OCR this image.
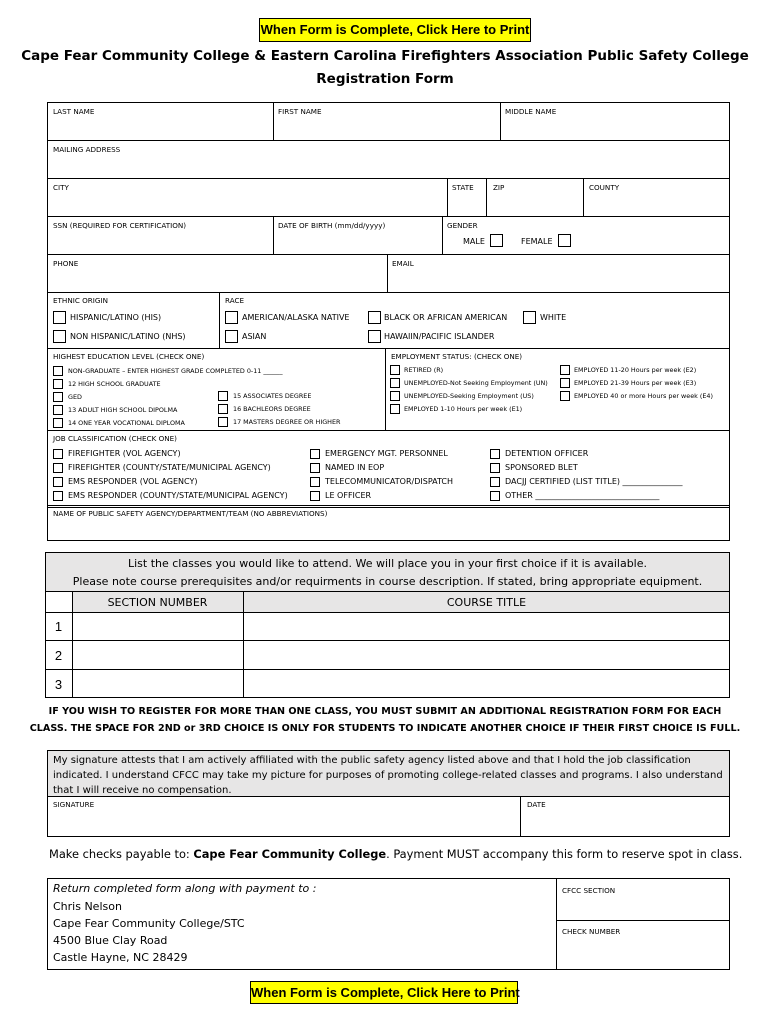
When Form is Complete, Click Here to Print
Cape Fear Community College & Eastern Carolina Firefighters Association Public Safety College
Registration Form
LAST NAME	FIRST NAME	MIDDLE NAME
MAILING ADDRESS
CITY	STATE	ZIP	COUNTY
SSN (REQUIRED FOR CERTIFICATION)	DATE OF BIRTH (mm/dd/yyyy)	GENDER
MALE	FEMALE
PHONE	EMAIL
ETHNIC ORIGIN	RACE
HISPANIC/LATINO (HIS)
NON HISPANIC/LATINO (NHS)
AMERICAN/ALASKA NATIVE	BLACK OR AFRICAN AMERICAN	WHITE
ASIAN	HAWAIIN/PACIFIC ISLANDER
HIGHEST EDUCATION LEVEL (CHECK ONE)	EMPLOYMENT STATUS: (CHECK ONE)
NON-GRADUATE – ENTER HIGHEST GRADE COMPLETED 0-11 ______
12 HIGH SCHOOL GRADUATE
GED
13 ADULT HIGH SCHOOL DIPOLMA
14 ONE YEAR VOCATIONAL DIPLOMA
15 ASSOCIATES DEGREE
16 BACHLEORS DEGREE
17 MASTERS DEGREE OR HIGHER
RETIRED (R)
UNEMPLOYED-Not Seeking Employment (UN)
UNEMPLOYED-Seeking Employment (US)
EMPLOYED 1-10 Hours per week (E1)
EMPLOYED 11-20 Hours per week (E2)
EMPLOYED 21-39 Hours per week (E3)
EMPLOYED 40 or more Hours per week (E4)
JOB CLASSIFICATION (CHECK ONE)
FIREFIGHTER (VOL AGENCY)
FIREFIGHTER (COUNTY/STATE/MUNICIPAL AGENCY)
EMS RESPONDER (VOL AGENCY)
EMS RESPONDER (COUNTY/STATE/MUNICIPAL AGENCY)
EMERGENCY MGT. PERSONNEL
NAMED IN EOP
TELECOMMUNICATOR/DISPATCH
LE OFFICER
DETENTION OFFICER
SPONSORED BLET
DACJJ CERTIFIED (LIST TITLE) _______________
OTHER _______________________________
NAME OF PUBLIC SAFETY AGENCY/DEPARTMENT/TEAM (NO ABBREVIATIONS)
List the classes you would like to attend. We will place you in your first choice if it is available.
Please note course prerequisites and/or requirments in course description. If stated, bring appropriate equipment.
SECTION NUMBER	COURSE TITLE
1
2
3
IF YOU WISH TO REGISTER FOR MORE THAN ONE CLASS, YOU MUST SUBMIT AN ADDITIONAL REGISTRATION FORM FOR EACH
CLASS. THE SPACE FOR 2ND or 3RD CHOICE IS ONLY FOR STUDENTS TO INDICATE ANOTHER CHOICE IF THEIR FIRST CHOICE IS FULL.
My signature attests that I am actively affiliated with the public safety agency listed above and that I hold the job classification
indicated. I understand CFCC may take my picture for purposes of promoting college-related classes and programs. I also understand
that I will receive no compensation.
SIGNATURE	DATE
Make checks payable to: Cape Fear Community College. Payment MUST accompany this form to reserve spot in class.
Return completed form along with payment to :
Chris Nelson
Cape Fear Community College/STC
4500 Blue Clay Road
Castle Hayne, NC 28429
CFCC SECTION
CHECK NUMBER
When Form is Complete, Click Here to Print
